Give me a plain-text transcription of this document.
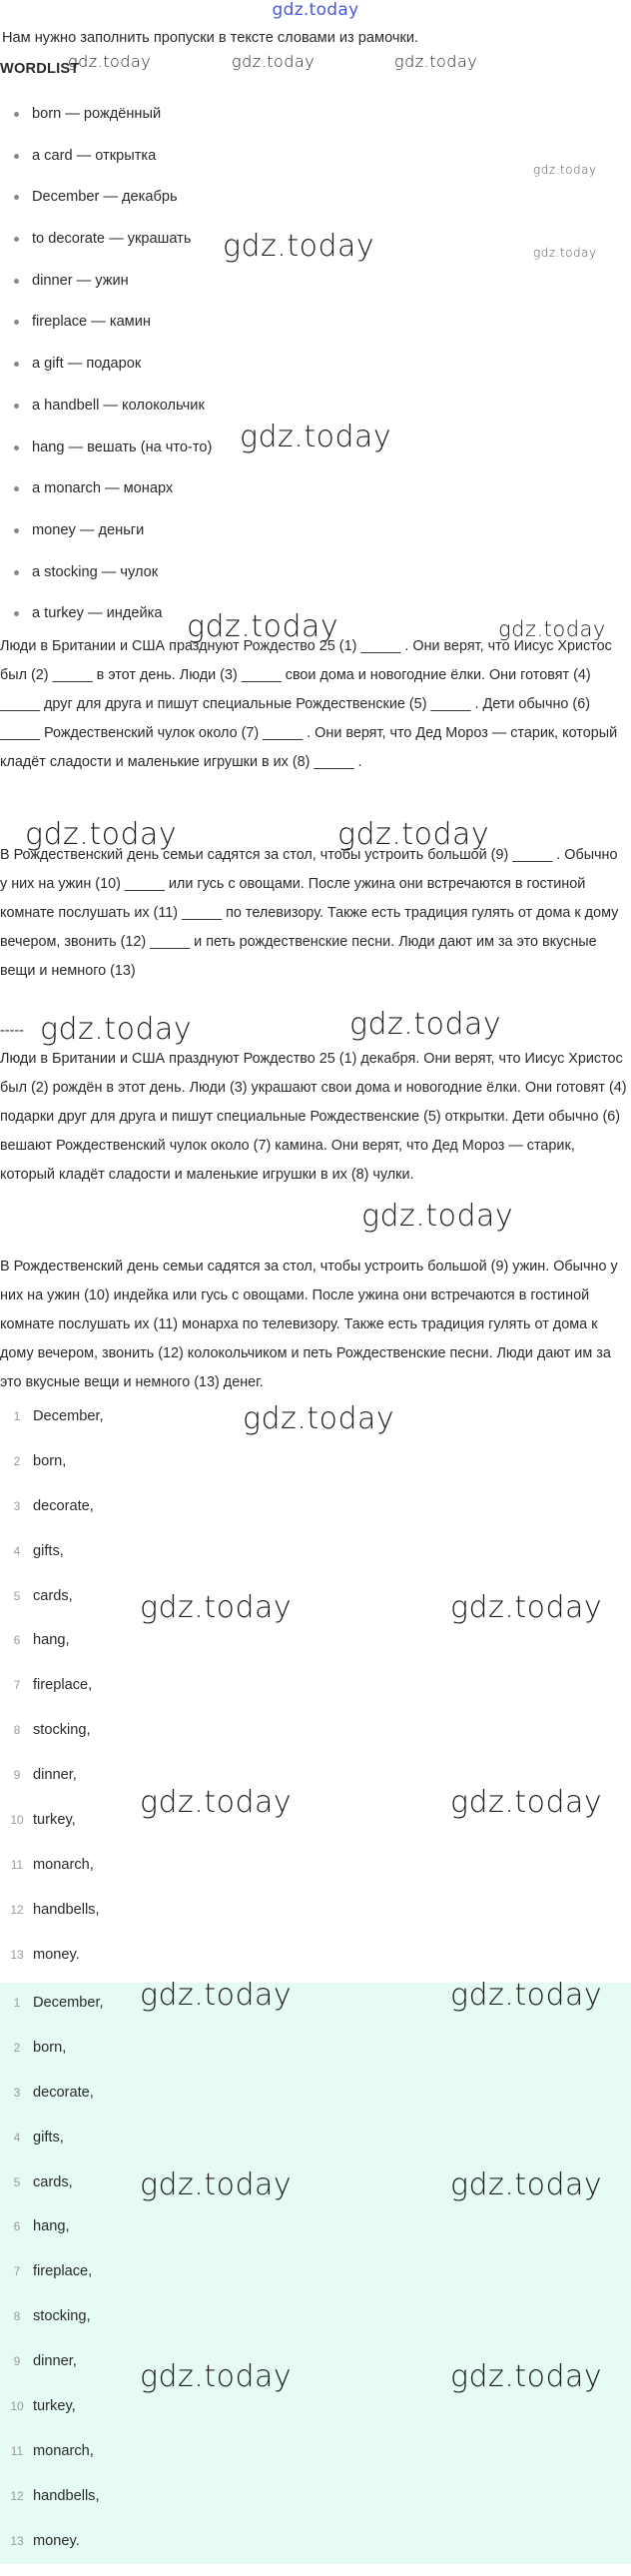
gdz.today
Нам нужно заполнить пропуски в тексте словами из рамочки.
WORDLIST
born — рождённый
a card — открытка
December — декабрь
to decorate — украшать
dinner — ужин
fireplace — камин
a gift — подарок
a handbell — колокольчик
hang — вешать (на что-то)
a monarch — монарх
money — деньги
a stocking — чулок
a turkey — индейка
Люди в Британии и США празднуют Рождество 25 (1) _____ . Они верят, что Иисус Христос был (2) _____ в этот день. Люди (3) _____ свои дома и новогодние ёлки. Они готовят (4) _____ друг для друга и пишут специальные Рождественские (5) _____ . Дети обычно (6) _____ Рождественский чулок около (7) _____ . Они верят, что Дед Мороз — старик, который кладёт сладости и маленькие игрушки в их (8) _____ .
В Рождественский день семьи садятся за стол, чтобы устроить большой (9) _____ . Обычно у них на ужин (10) _____ или гусь с овощами. После ужина они встречаются в гостиной комнате послушать их (11) _____ по телевизору. Также есть традиция гулять от дома к дому вечером, звонить (12) _____ и петь рождественские песни. Люди дают им за это вкусные вещи и немного (13)
-----
Люди в Британии и США празднуют Рождество 25 (1) декабря. Они верят, что Иисус Христос был (2) рождён в этот день. Люди (3) украшают свои дома и новогодние ёлки. Они готовят (4) подарки друг для друга и пишут специальные Рождественские (5) открытки. Дети обычно (6) вешают Рождественский чулок около (7) камина. Они верят, что Дед Мороз — старик, который кладёт сладости и маленькие игрушки в их (8) чулки.
В Рождественский день семьи садятся за стол, чтобы устроить большой (9) ужин. Обычно у них на ужин (10) индейка или гусь с овощами. После ужина они встречаются в гостиной комнате послушать их (11) монарха по телевизору. Также есть традиция гулять от дома к дому вечером, звонить (12) колокольчиком и петь Рождественские песни. Люди дают им за это вкусные вещи и немного (13) денег.
1 December,
2 born,
3 decorate,
4 gifts,
5 cards,
6 hang,
7 fireplace,
8 stocking,
9 dinner,
10 turkey,
11 monarch,
12 handbells,
13 money.
1 December,
2 born,
3 decorate,
4 gifts,
5 cards,
6 hang,
7 fireplace,
8 stocking,
9 dinner,
10 turkey,
11 monarch,
12 handbells,
13 money.
gdz.today	gdz.today	gdz.today
gdz.today
gdz.today
gdz.today
gdz.today
gdz.today	gdz.today
gdz.today	gdz.today
gdz.today	gdz.today
gdz.today
gdz.today
gdz.today	gdz.today
gdz.today	gdz.today
gdz.today	gdz.today
gdz.today	gdz.today
gdz.today	gdz.today
